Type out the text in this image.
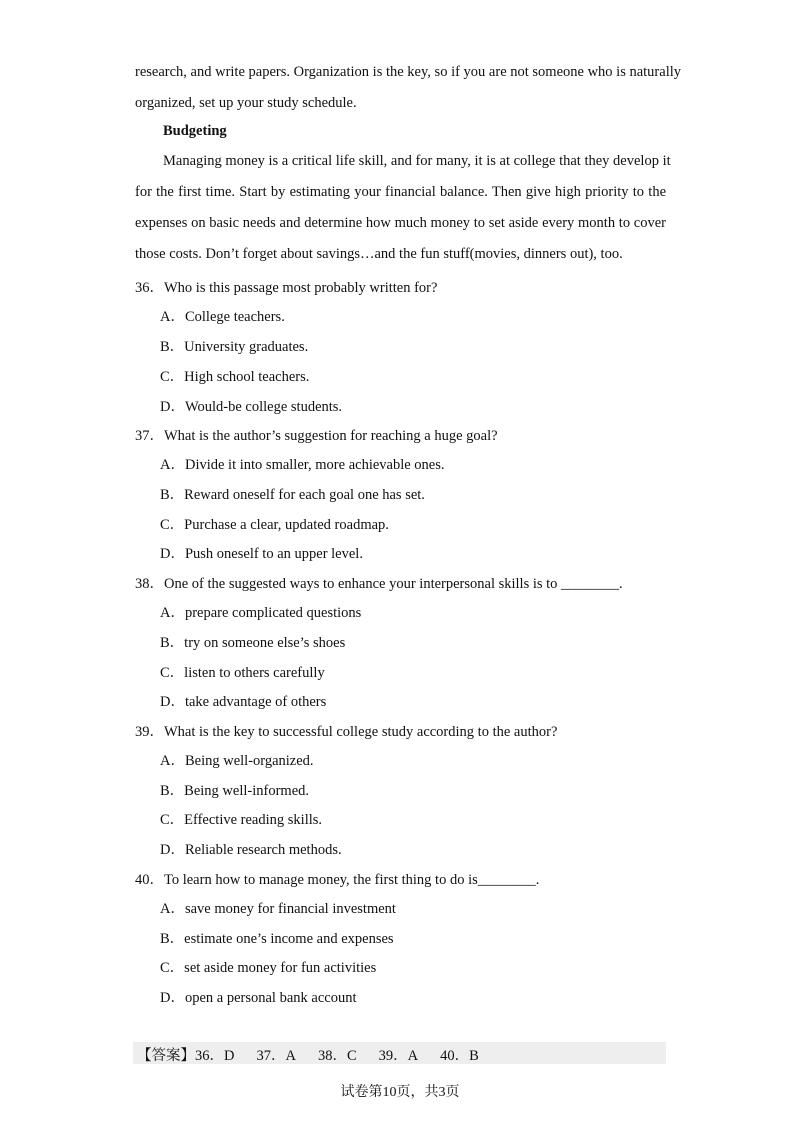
research, and write papers. Organization is the key, so if you are not someone who is naturally
organized, set up your study schedule.

Budgeting

Managing money is a critical life skill, and for many, it is at college that they develop it
for the first time. Start by estimating your financial balance. Then give high priority to the
expenses on basic needs and determine how much money to set aside every month to cover
those costs. Don’t forget about savings…and the fun stuff(movies, dinners out), too.

36．Who is this passage most probably written for?

A．College teachers.

B．University graduates.

C．High school teachers.

D．Would-be college students.

37．What is the author’s suggestion for reaching a huge goal?

A．Divide it into smaller, more achievable ones.

B．Reward oneself for each goal one has set.

C．Purchase a clear, updated roadmap.

D．Push oneself to an upper level.

38．One of the suggested ways to enhance your interpersonal skills is to ________.

A．prepare complicated questions

B．try on someone else’s shoes

C．listen to others carefully

D．take advantage of others

39．What is the key to successful college study according to the author?

A．Being well-organized.

B．Being well-informed.

C．Effective reading skills.

D．Reliable research methods.

40．To learn how to manage money, the first thing to do is________.

A．save money for financial investment

B．estimate one’s income and expenses

C．set aside money for fun activities

D．open a personal bank account

【答案】36．D 37．A 38．C 39．A 40．B

试卷第10页，共3页
